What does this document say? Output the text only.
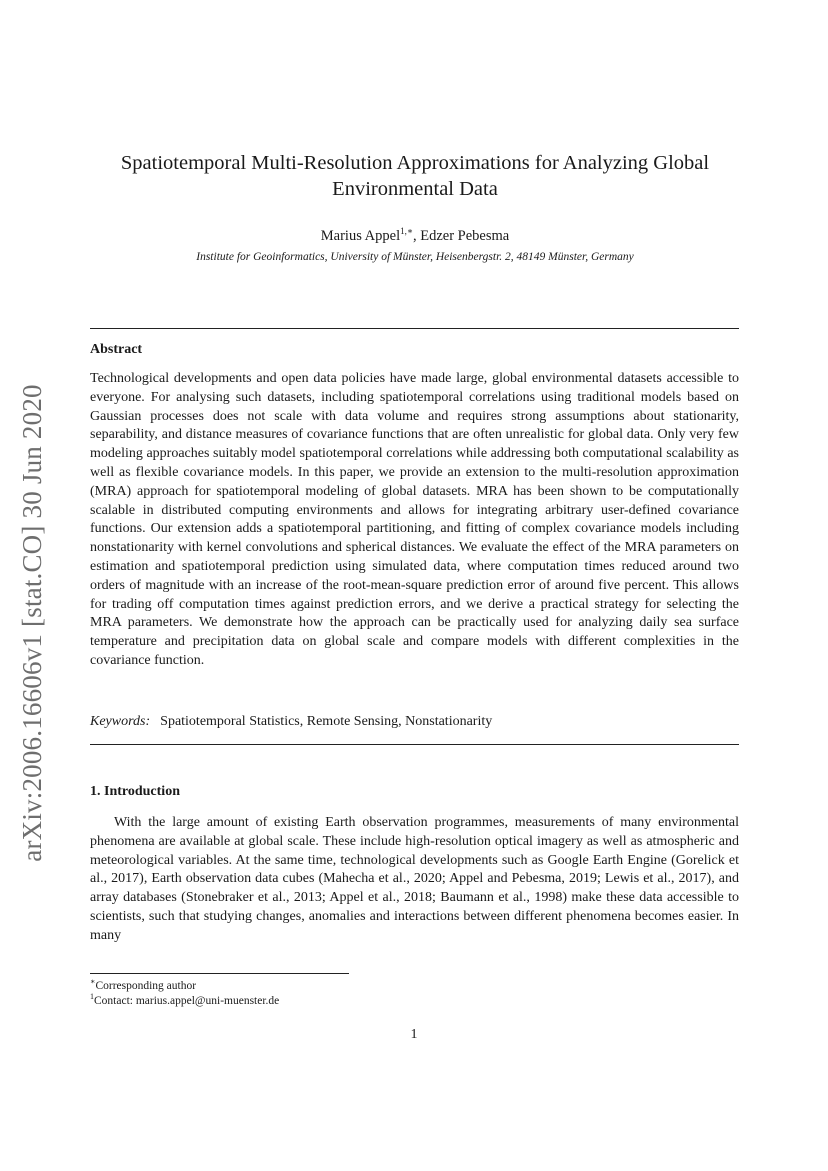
arXiv:2006.16606v1 [stat.CO] 30 Jun 2020
Spatiotemporal Multi-Resolution Approximations for Analyzing Global Environmental Data
Marius Appel$^{1,∗}$, Edzer Pebesma
Institute for Geoinformatics, University of Münster, Heisenbergstr. 2, 48149 Münster, Germany
Abstract
Technological developments and open data policies have made large, global environmental datasets accessible to everyone. For analysing such datasets, including spatiotemporal correlations using traditional models based on Gaussian processes does not scale with data volume and requires strong assumptions about stationarity, separability, and distance measures of covariance functions that are often unrealistic for global data. Only very few modeling approaches suitably model spatiotemporal correlations while addressing both computational scalability as well as flexible covariance models. In this paper, we provide an extension to the multi-resolution approximation (MRA) approach for spatiotemporal modeling of global datasets. MRA has been shown to be computationally scalable in distributed computing environments and allows for integrating arbitrary user-defined covariance functions. Our extension adds a spatiotemporal partitioning, and fitting of complex covariance models including nonstationarity with kernel convolutions and spherical distances. We evaluate the effect of the MRA parameters on estimation and spatiotemporal prediction using simulated data, where computation times reduced around two orders of magnitude with an increase of the root-mean-square prediction error of around five percent. This allows for trading off computation times against prediction errors, and we derive a practical strategy for selecting the MRA parameters. We demonstrate how the approach can be practically used for analyzing daily sea surface temperature and precipitation data on global scale and compare models with different complexities in the covariance function.
Keywords: Spatiotemporal Statistics, Remote Sensing, Nonstationarity
1. Introduction
With the large amount of existing Earth observation programmes, measurements of many environmental phenomena are available at global scale. These include high-resolution optical imagery as well as atmospheric and meteorological variables. At the same time, technological developments such as Google Earth Engine (Gorelick et al., 2017), Earth observation data cubes (Mahecha et al., 2020; Appel and Pebesma, 2019; Lewis et al., 2017), and array databases (Stonebraker et al., 2013; Appel et al., 2018; Baumann et al., 1998) make these data accessible to scientists, such that studying changes, anomalies and interactions between different phenomena becomes easier. In many
∗Corresponding author
$^1$Contact: marius.appel@uni-muenster.de
1
